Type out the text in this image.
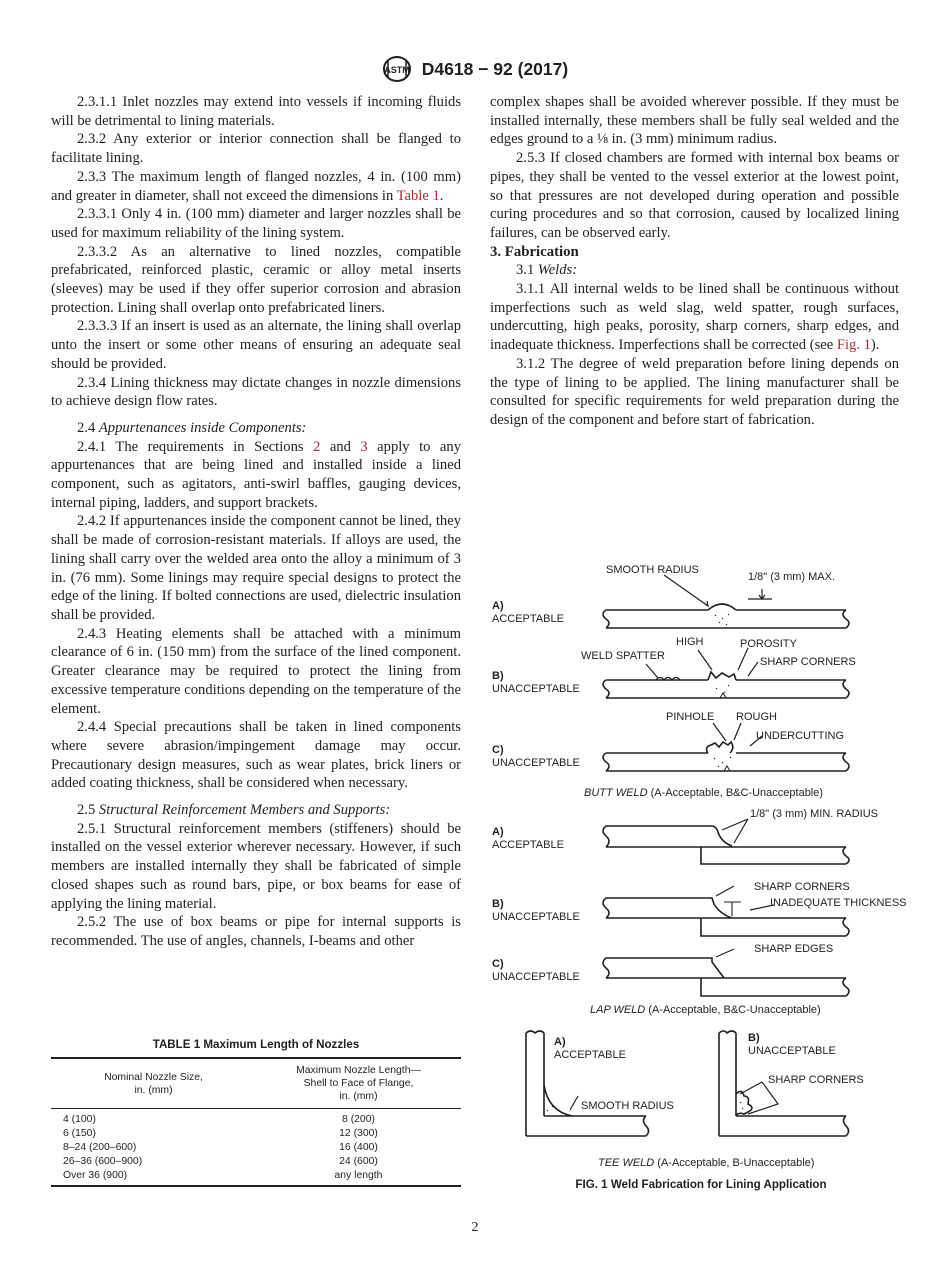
ASTM D4618 − 92 (2017)

2.3.1.1 Inlet nozzles may extend into vessels if incoming fluids will be detrimental to lining materials.

2.3.2 Any exterior or interior connection shall be flanged to facilitate lining.

2.3.3 The maximum length of flanged nozzles, 4 in. (100 mm) and greater in diameter, shall not exceed the dimensions in Table 1.

2.3.3.1 Only 4 in. (100 mm) diameter and larger nozzles shall be used for maximum reliability of the lining system.

2.3.3.2 As an alternative to lined nozzles, compatible prefabricated, reinforced plastic, ceramic or alloy metal inserts (sleeves) may be used if they offer superior corrosion and abrasion protection. Lining shall overlap onto prefabricated liners.

2.3.3.3 If an insert is used as an alternate, the lining shall overlap unto the insert or some other means of ensuring an adequate seal should be provided.

2.3.4 Lining thickness may dictate changes in nozzle dimensions to achieve design flow rates.

2.4 Appurtenances inside Components:

2.4.1 The requirements in Sections 2 and 3 apply to any appurtenances that are being lined and installed inside a lined component, such as agitators, anti-swirl baffles, gauging devices, internal piping, ladders, and support brackets.

2.4.2 If appurtenances inside the component cannot be lined, they shall be made of corrosion-resistant materials. If alloys are used, the lining shall carry over the welded area onto the alloy a minimum of 3 in. (76 mm). Some linings may require special designs to protect the edge of the lining. If bolted connections are used, dielectric insulation shall be provided.

2.4.3 Heating elements shall be attached with a minimum clearance of 6 in. (150 mm) from the surface of the lined component. Greater clearance may be required to protect the lining from excessive temperature conditions depending on the temperature of the element.

2.4.4 Special precautions shall be taken in lined components where severe abrasion/impingement damage may occur. Precautionary design measures, such as wear plates, brick liners or added coating thickness, shall be considered when necessary.

2.5 Structural Reinforcement Members and Supports:

2.5.1 Structural reinforcement members (stiffeners) should be installed on the vessel exterior wherever necessary. However, if such members are installed internally they shall be fabricated of simple closed shapes such as round bars, pipe, or box beams for ease of applying the lining material.

2.5.2 The use of box beams or pipe for internal supports is recommended. The use of angles, channels, I-beams and other

TABLE 1 Maximum Length of Nozzles
Nominal Nozzle Size,
in. (mm)

Maximum Nozzle Length—
Shell to Face of Flange,
in. (mm)

4 (100)	8 (200)
6 (150)	12 (300)
8–24 (200–600)	16 (400)
26–36 (600–900)	24 (600)
Over 36 (900)	any length

complex shapes shall be avoided wherever possible. If they must be installed internally, these members shall be fully seal welded and the edges ground to a ⅛ in. (3 mm) minimum radius.

2.5.3 If closed chambers are formed with internal box beams or pipes, they shall be vented to the vessel exterior at the lowest point, so that pressures are not developed during operation and possible curing procedures and so that corrosion, caused by localized lining failures, can be observed early.

3. Fabrication

3.1 Welds:

3.1.1 All internal welds to be lined shall be continuous without imperfections such as weld slag, weld spatter, rough surfaces, undercutting, high peaks, porosity, sharp corners, sharp edges, and inadequate thickness. Imperfections shall be corrected (see Fig. 1).

3.1.2 The degree of weld preparation before lining depends on the type of lining to be applied. The lining manufacturer shall be consulted for specific requirements for weld preparation during the design of the component and before start of fabrication.

A)
ACCEPTABLE
SMOOTH RADIUS
1/8" (3 mm) MAX.
B)
UNACCEPTABLE
HIGH	POROSITY
WELD SPATTER	SHARP CORNERS
C)
UNACCEPTABLE
PINHOLE ROUGH
UNDERCUTTING
BUTT WELD (A-Acceptable, B&C-Unacceptable)
A)
ACCEPTABLE
1/8" (3 mm) MIN. RADIUS
B)
UNACCEPTABLE
SHARP CORNERS
INADEQUATE THICKNESS
C)
UNACCEPTABLE
SHARP EDGES
LAP WELD (A-Acceptable, B&C-Unacceptable)
A)
ACCEPTABLE
SMOOTH RADIUS
B)
UNACCEPTABLE
SHARP CORNERS
TEE WELD (A-Acceptable, B-Unacceptable)
FIG. 1 Weld Fabrication for Lining Application
2
